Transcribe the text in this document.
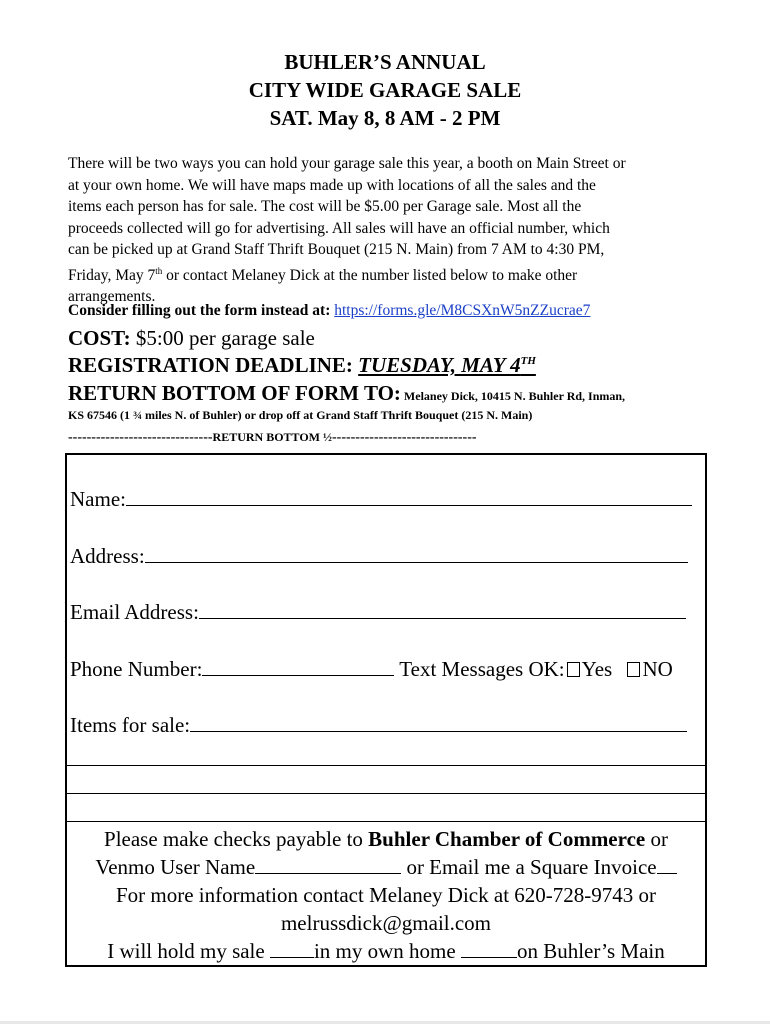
BUHLER’S ANNUAL
CITY WIDE GARAGE SALE
SAT. May 8, 8 AM - 2 PM
There will be two ways you can hold your garage sale this year, a booth on Main Street or
at your own home. We will have maps made up with locations of all the sales and the
items each person has for sale. The cost will be $5.00 per Garage sale. Most all the
proceeds collected will go for advertising. All sales will have an official number, which
can be picked up at Grand Staff Thrift Bouquet (215 N. Main) from 7 AM to 4:30 PM,
Friday, May 7th or contact Melaney Dick at the number listed below to make other
arrangements.
Consider filling out the form instead at: https://forms.gle/M8CSXnW5nZZucrae7
COST: $5:00 per garage sale
REGISTRATION DEADLINE: TUESDAY, MAY 4TH
RETURN BOTTOM OF FORM TO: Melaney Dick, 10415 N. Buhler Rd, Inman,
KS 67546 (1 ¾ miles N. of Buhler) or drop off at Grand Staff Thrift Bouquet (215 N. Main)
-------------------------------RETURN BOTTOM ½-------------------------------
Name:
Address:
Email Address:
Phone Number:	Text Messages OK: Yes NO
Items for sale:
Please make checks payable to Buhler Chamber of Commerce or
Venmo User Name	or Email me a Square Invoice
For more information contact Melaney Dick at 620-728-9743 or
melrussdick@gmail.com
I will hold my sale in my own home	on Buhler’s Main
